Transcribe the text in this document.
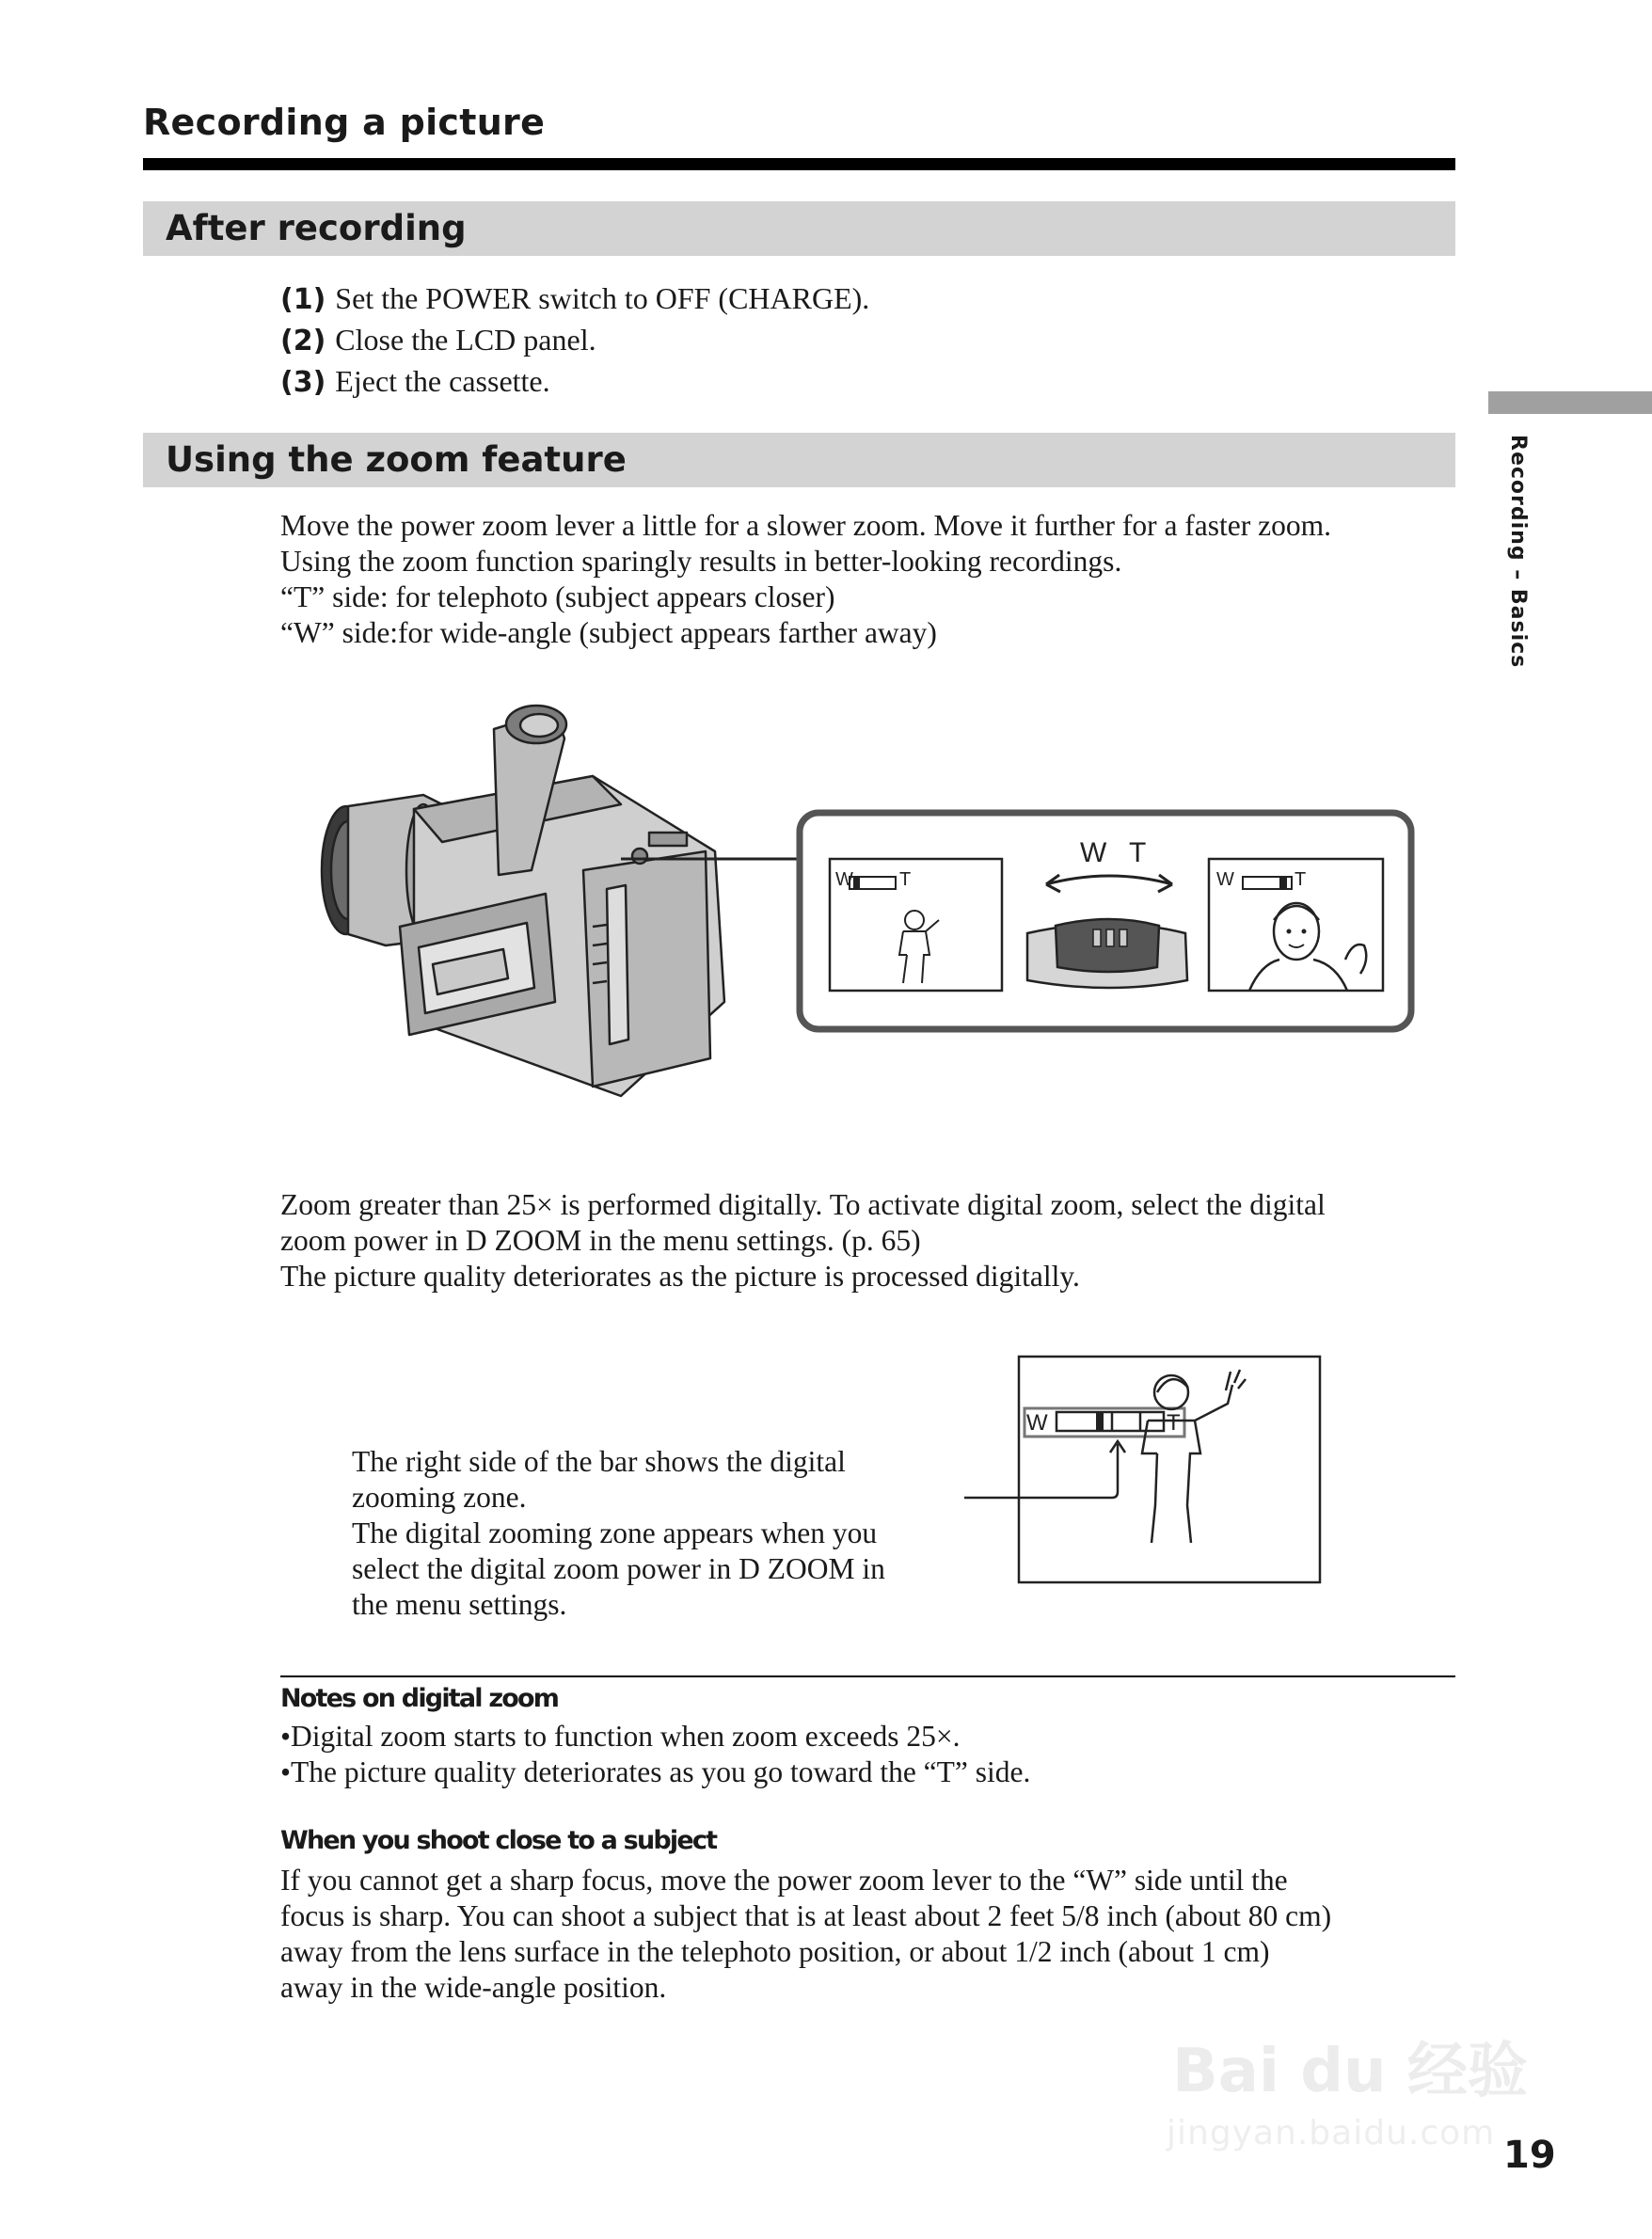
Recording a picture
Recording – Basics
After recording
(1) Set the POWER switch to OFF (CHARGE).
(2) Close the LCD panel.
(3) Eject the cassette.
Using the zoom feature
Move the power zoom lever a little for a slower zoom. Move it further for a faster zoom.
Using the zoom function sparingly results in better-looking recordings.
“T” side: for telephoto (subject appears closer)
“W” side:for wide-angle (subject appears farther away)
W T
W T
W	T
Zoom greater than 25× is performed digitally. To activate digital zoom, select the digital
zoom power in D ZOOM in the menu settings. (p. 65)
The picture quality deteriorates as the picture is processed digitally.
The right side of the bar shows the digital
zooming zone.
The digital zooming zone appears when you
select the digital zoom power in D ZOOM in
the menu settings.
W	T
Notes on digital zoom
•Digital zoom starts to function when zoom exceeds 25×.
•The picture quality deteriorates as you go toward the “T” side.
When you shoot close to a subject
If you cannot get a sharp focus, move the power zoom lever to the “W” side until the
focus is sharp. You can shoot a subject that is at least about 2 feet 5/8 inch (about 80 cm)
away from the lens surface in the telephoto position, or about 1/2 inch (about 1 cm)
away in the wide-angle position.
Bai du 经验
jingyan.baidu.com
19
